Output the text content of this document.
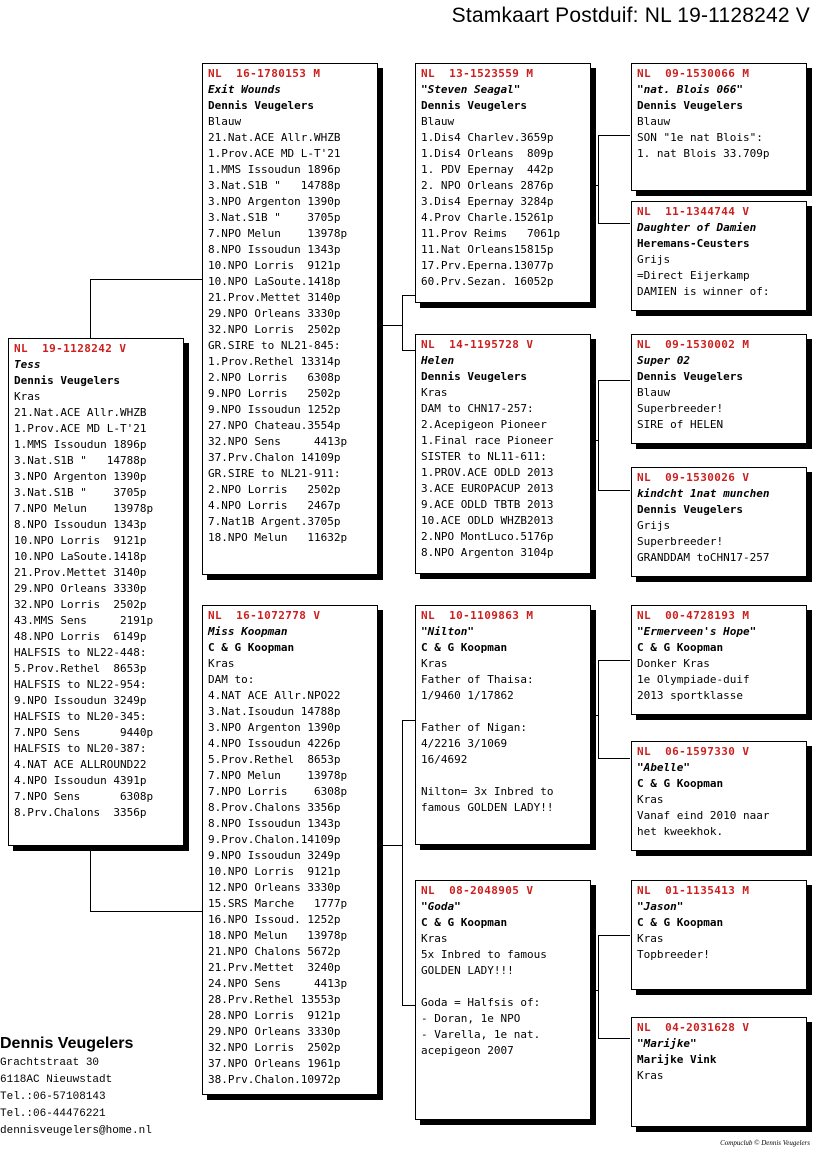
Stamkaart Postduif: NL 19-1128242 V
NL  19-1128242 V
Tess
Dennis Veugelers
Kras
21.Nat.ACE Allr.WHZB
1.Prov.ACE MD L-T'21
1.MMS Issoudun 1896p
3.Nat.S1B "   14788p
3.NPO Argenton 1390p
3.Nat.S1B "    3705p
7.NPO Melun    13978p
8.NPO Issoudun 1343p
10.NPO Lorris  9121p
10.NPO LaSoute.1418p
21.Prov.Mettet 3140p
29.NPO Orleans 3330p
32.NPO Lorris  2502p
43.MMS Sens     2191p
48.NPO Lorris  6149p
HALFSIS to NL22-448:
5.Prov.Rethel  8653p
HALFSIS to NL22-954:
9.NPO Issoudun 3249p
HALFSIS to NL20-345:
7.NPO Sens      9440p
HALFSIS to NL20-387:
4.NAT ACE ALLROUND22
4.NPO Issoudun 4391p
7.NPO Sens      6308p
8.Prv.Chalons  3356p
NL  16-1780153 M
Exit Wounds
Dennis Veugelers
Blauw
21.Nat.ACE Allr.WHZB
1.Prov.ACE MD L-T'21
1.MMS Issoudun 1896p
3.Nat.S1B "   14788p
3.NPO Argenton 1390p
3.Nat.S1B "    3705p
7.NPO Melun    13978p
8.NPO Issoudun 1343p
10.NPO Lorris  9121p
10.NPO LaSoute.1418p
21.Prov.Mettet 3140p
29.NPO Orleans 3330p
32.NPO Lorris  2502p
GR.SIRE to NL21-845:
1.Prov.Rethel 13314p
2.NPO Lorris   6308p
9.NPO Lorris   2502p
9.NPO Issoudun 1252p
27.NPO Chateau.3554p
32.NPO Sens     4413p
37.Prv.Chalon 14109p
GR.SIRE to NL21-911:
2.NPO Lorris   2502p
4.NPO Lorris   2467p
7.Nat1B Argent.3705p
18.NPO Melun   11632p
NL  16-1072778 V
Miss Koopman
C & G Koopman
Kras
DAM to:
4.NAT ACE Allr.NPO22
3.Nat.Isoudun 14788p
3.NPO Argenton 1390p
4.NPO Issoudun 4226p
5.Prov.Rethel  8653p
7.NPO Melun    13978p
7.NPO Lorris    6308p
8.Prov.Chalons 3356p
8.NPO Issoudun 1343p
9.Prov.Chalon.14109p
9.NPO Issoudun 3249p
10.NPO Lorris  9121p
12.NPO Orleans 3330p
15.SRS Marche   1777p
16.NPO Issoud. 1252p
18.NPO Melun   13978p
21.NPO Chalons 5672p
21.Prv.Mettet  3240p
24.NPO Sens     4413p
28.Prv.Rethel 13553p
28.NPO Lorris  9121p
29.NPO Orleans 3330p
32.NPO Lorris  2502p
37.NPO Orleans 1961p
38.Prv.Chalon.10972p
NL  13-1523559 M
"Steven Seagal"
Dennis Veugelers
Blauw
1.Dis4 Charlev.3659p
1.Dis4 Orleans  809p
1. PDV Epernay  442p
2. NPO Orleans 2876p
3.Dis4 Epernay 3284p
4.Prov Charle.15261p
11.Prov Reims   7061p
11.Nat Orleans15815p
17.Prv.Eperna.13077p
60.Prv.Sezan. 16052p
NL  14-1195728 V
Helen
Dennis Veugelers
Kras
DAM to CHN17-257:
2.Acepigeon Pioneer
1.Final race Pioneer
SISTER to NL11-611:
1.PROV.ACE ODLD 2013
3.ACE EUROPACUP 2013
9.ACE ODLD TBTB 2013
10.ACE ODLD WHZB2013
2.NPO MontLuco.5176p
8.NPO Argenton 3104p
NL  10-1109863 M
"Nilton"
C & G Koopman
Kras
Father of Thaisa:
1/9460 1/17862
Father of Nigan:
4/2216 3/1069
16/4692
Nilton= 3x Inbred to
famous GOLDEN LADY!!
NL  08-2048905 V
"Goda"
C & G Koopman
Kras
5x Inbred to famous
GOLDEN LADY!!!
Goda = Halfsis of:
- Doran, 1e NPO
- Varella, 1e nat.
acepigeon 2007
NL  09-1530066 M
"nat. Blois 066"
Dennis Veugelers
Blauw
SON "1e nat Blois":
1. nat Blois 33.709p
NL  11-1344744 V
Daughter of Damien
Heremans-Ceusters
Grijs
=Direct Eijerkamp
DAMIEN is winner of:
NL  09-1530002 M
Super 02
Dennis Veugelers
Blauw
Superbreeder!
SIRE of HELEN
NL  09-1530026 V
kindcht 1nat munchen
Dennis Veugelers
Grijs
Superbreeder!
GRANDDAM toCHN17-257
NL  00-4728193 M
"Ermerveen's Hope"
C & G Koopman
Donker Kras
1e Olympiade-duif
2013 sportklasse
NL  06-1597330 V
"Abelle"
C & G Koopman
Kras
Vanaf eind 2010 naar
het kweekhok.
NL  01-1135413 M
"Jason"
C & G Koopman
Kras
Topbreeder!
NL  04-2031628 V
"Marijke"
Marijke Vink
Kras
Dennis Veugelers
Grachtstraat 30
6118AC Nieuwstadt
Tel.:06-57108143
Tel.:06-44476221
dennisveugelers@home.nl
Compuclub © Dennis Veugelers
